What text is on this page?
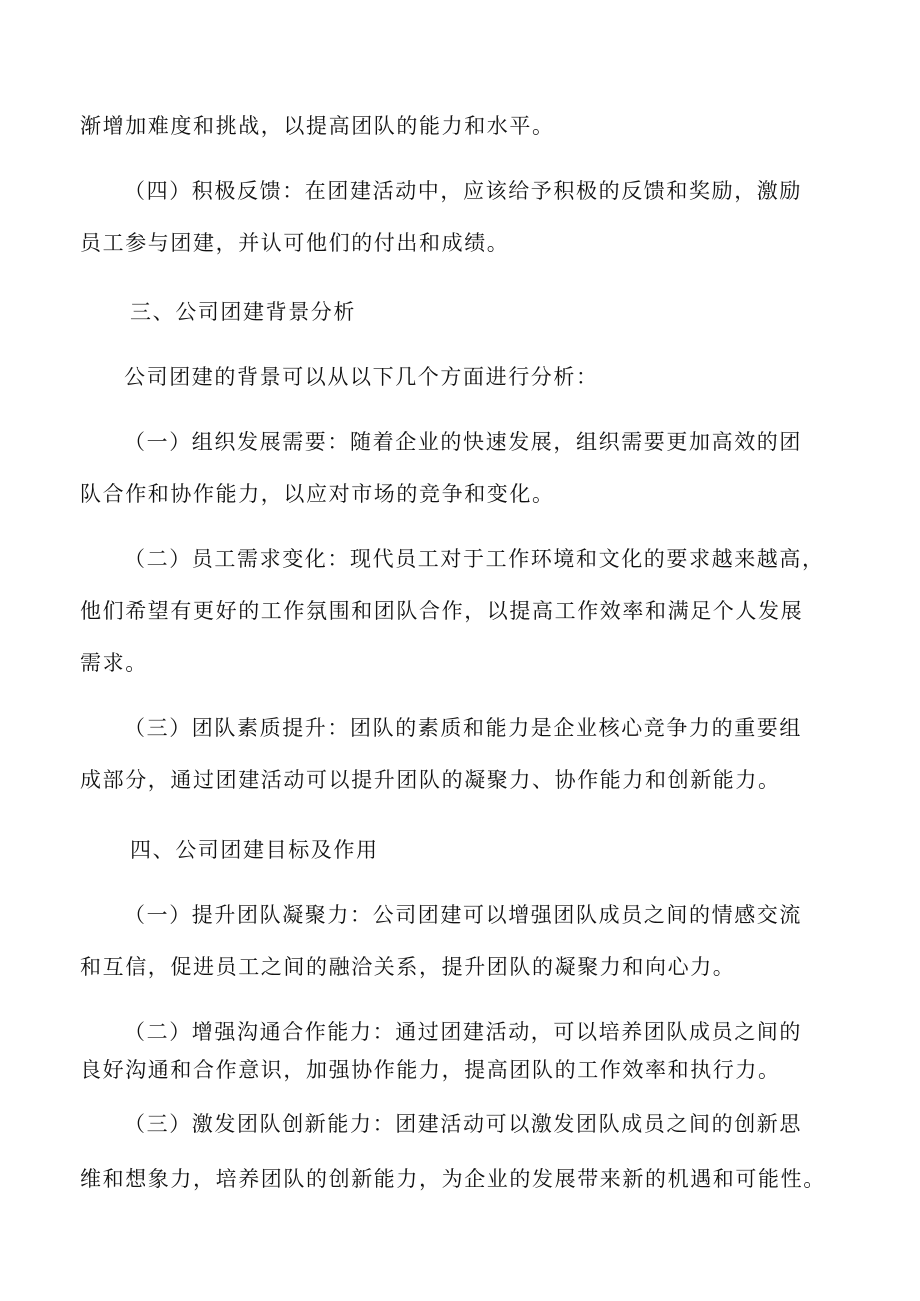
渐增加难度和挑战，以提高团队的能力和水平。
（四）积极反馈：在团建活动中，应该给予积极的反馈和奖励，激励
员工参与团建，并认可他们的付出和成绩。
三、公司团建背景分析
公司团建的背景可以从以下几个方面进行分析：
（一）组织发展需要：随着企业的快速发展，组织需要更加高效的团
队合作和协作能力，以应对市场的竞争和变化。
（二）员工需求变化：现代员工对于工作环境和文化的要求越来越高，
他们希望有更好的工作氛围和团队合作，以提高工作效率和满足个人发展
需求。
（三）团队素质提升：团队的素质和能力是企业核心竞争力的重要组
成部分，通过团建活动可以提升团队的凝聚力、协作能力和创新能力。
四、公司团建目标及作用
（一）提升团队凝聚力：公司团建可以增强团队成员之间的情感交流
和互信，促进员工之间的融洽关系，提升团队的凝聚力和向心力。
（二）增强沟通合作能力：通过团建活动，可以培养团队成员之间的
良好沟通和合作意识，加强协作能力，提高团队的工作效率和执行力。
（三）激发团队创新能力：团建活动可以激发团队成员之间的创新思
维和想象力，培养团队的创新能力，为企业的发展带来新的机遇和可能性。
